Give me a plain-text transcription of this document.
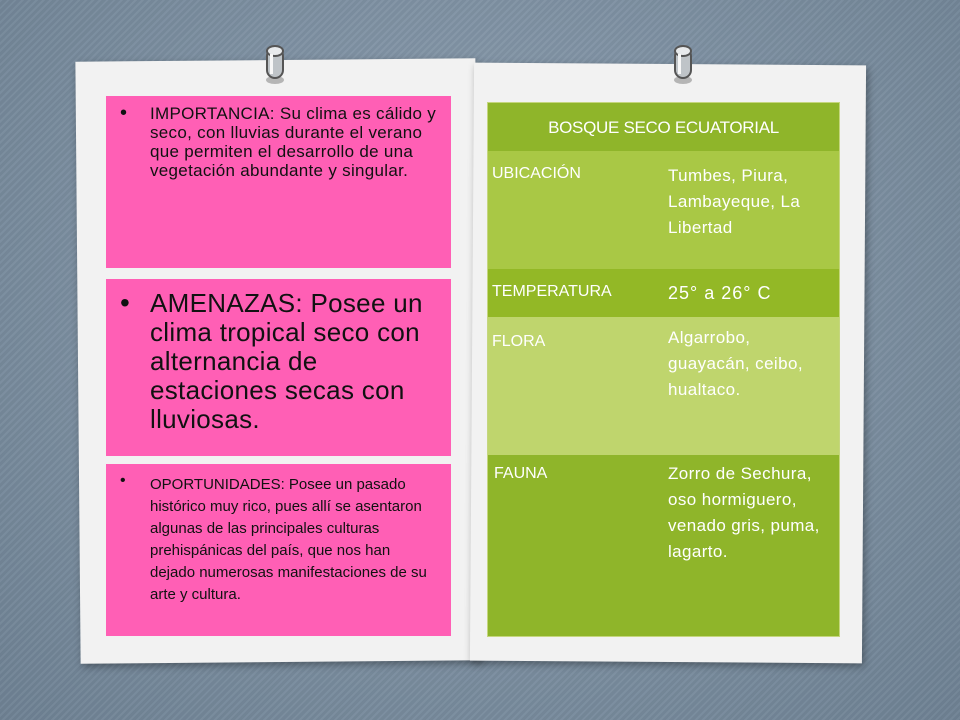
• IMPORTANCIA: Su clima es cálido y seco, con lluvias durante el verano que permiten el desarrollo de una vegetación abundante y singular.
• AMENAZAS: Posee un clima tropical seco con alternancia de estaciones secas con lluviosas.
• OPORTUNIDADES: Posee un pasado histórico muy rico, pues allí se asentaron algunas de las principales culturas prehispánicas del país, que nos han dejado numerosas manifestaciones de su arte y cultura.
BOSQUE SECO ECUATORIAL
UBICACIÓN	Tumbes, Piura, Lambayeque, La Libertad
TEMPERATURA	25° a 26° C
FLORA	Algarrobo, guayacán, ceibo, hualtaco.
FAUNA	Zorro de Sechura, oso hormiguero, venado gris, puma, lagarto.
